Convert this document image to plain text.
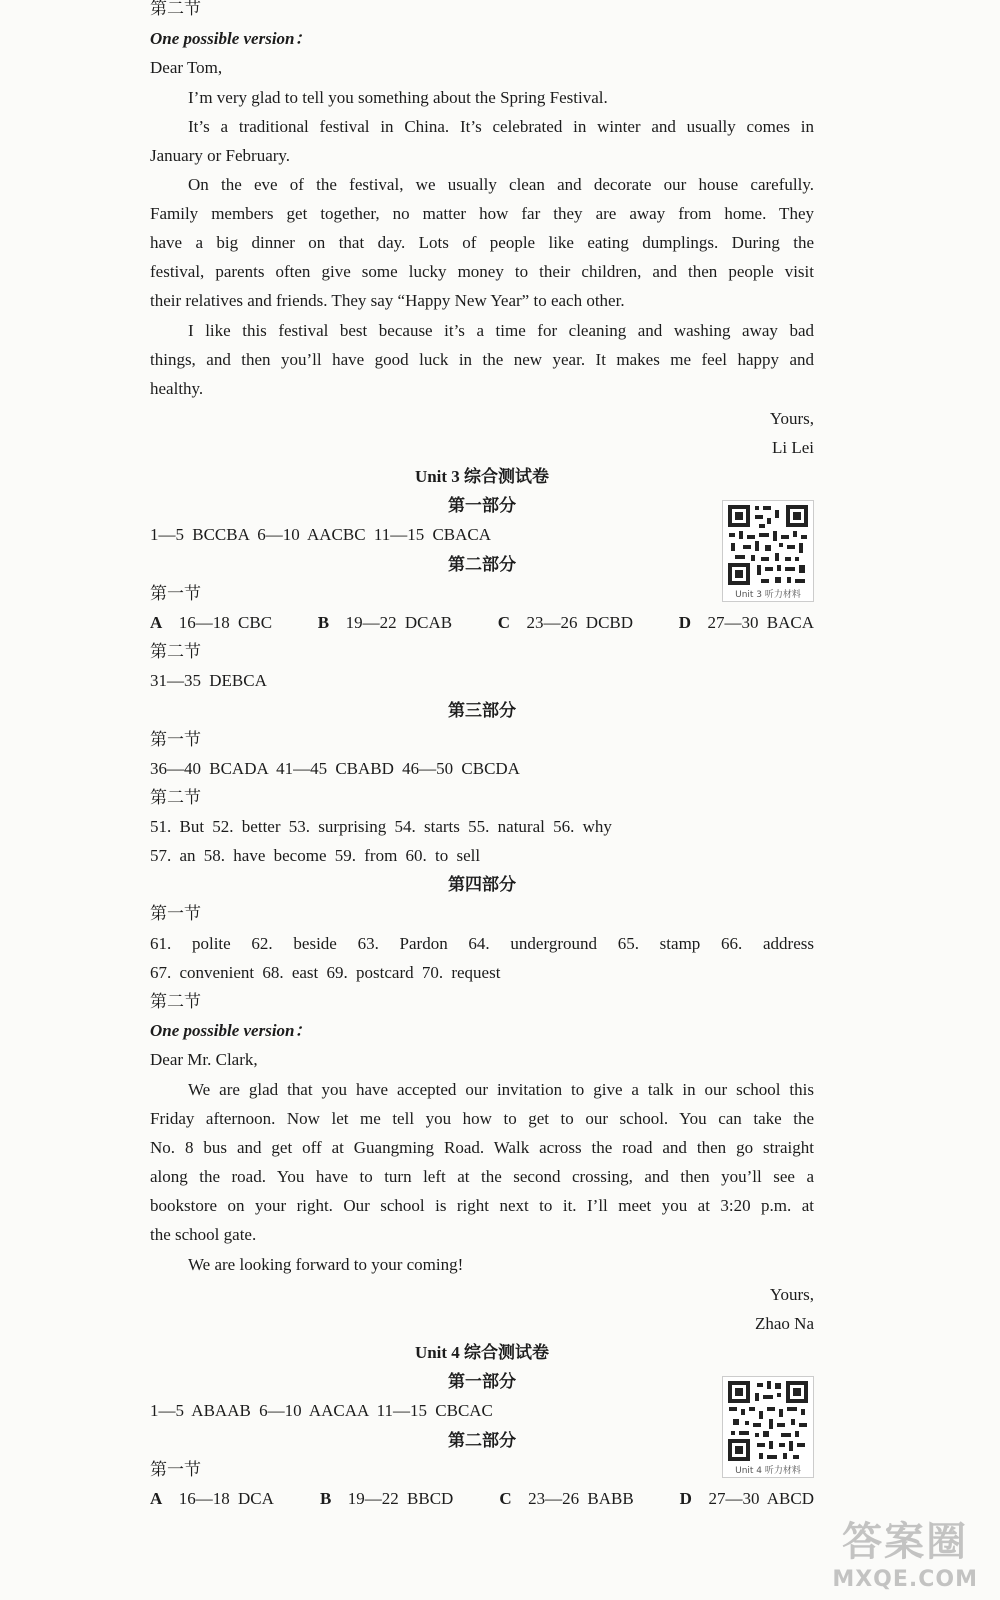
第二节
One possible version：
Dear Tom,
I’m very glad to tell you something about the Spring Festival.
It’s a traditional festival in China. It’s celebrated in winter and usually comes in
January or February.
On the eve of the festival, we usually clean and decorate our house carefully.
Family members get together, no matter how far they are away from home. They
have a big dinner on that day. Lots of people like eating dumplings. During the
festival, parents often give some lucky money to their children, and then people visit
their relatives and friends. They say “Happy New Year” to each other.
I like this festival best because it’s a time for cleaning and washing away bad
things, and then you’ll have good luck in the new year. It makes me feel happy and
healthy.
Yours,
Li Lei
Unit 3 综合测试卷
第一部分
1—5 BCCBA 6—10 AACBC 11—15 CBACA
第二部分
第一节
A 16—18 CBC	B 19—22 DCAB	C 23—26 DCBD	D 27—30 BACA
第二节
31—35 DEBCA
第三部分
第一节
36—40 BCADA 41—45 CBABD 46—50 CBCDA
第二节
51. But 52. better 53. surprising 54. starts 55. natural 56. why
57. an 58. have become 59. from 60. to sell
第四部分
第一节
61. polite 62. beside 63. Pardon 64. underground 65. stamp 66. address
67. convenient 68. east 69. postcard 70. request
第二节
One possible version：
Dear Mr. Clark,
We are glad that you have accepted our invitation to give a talk in our school this
Friday afternoon. Now let me tell you how to get to our school. You can take the
No. 8 bus and get off at Guangming Road. Walk across the road and then go straight
along the road. You have to turn left at the second crossing, and then you’ll see a
bookstore on your right. Our school is right next to it. I’ll meet you at 3:20 p.m. at
the school gate.
We are looking forward to your coming!
Yours,
Zhao Na
Unit 4 综合测试卷
第一部分
1—5 ABAAB 6—10 AACAA 11—15 CBCAC
第二部分
第一节
A 16—18 DCA	B 19—22 BBCD	C 23—26 BABB	D 27—30 ABCD
Unit 3 听力材料
Unit 4 听力材料
答案圈
MXQE.COM
